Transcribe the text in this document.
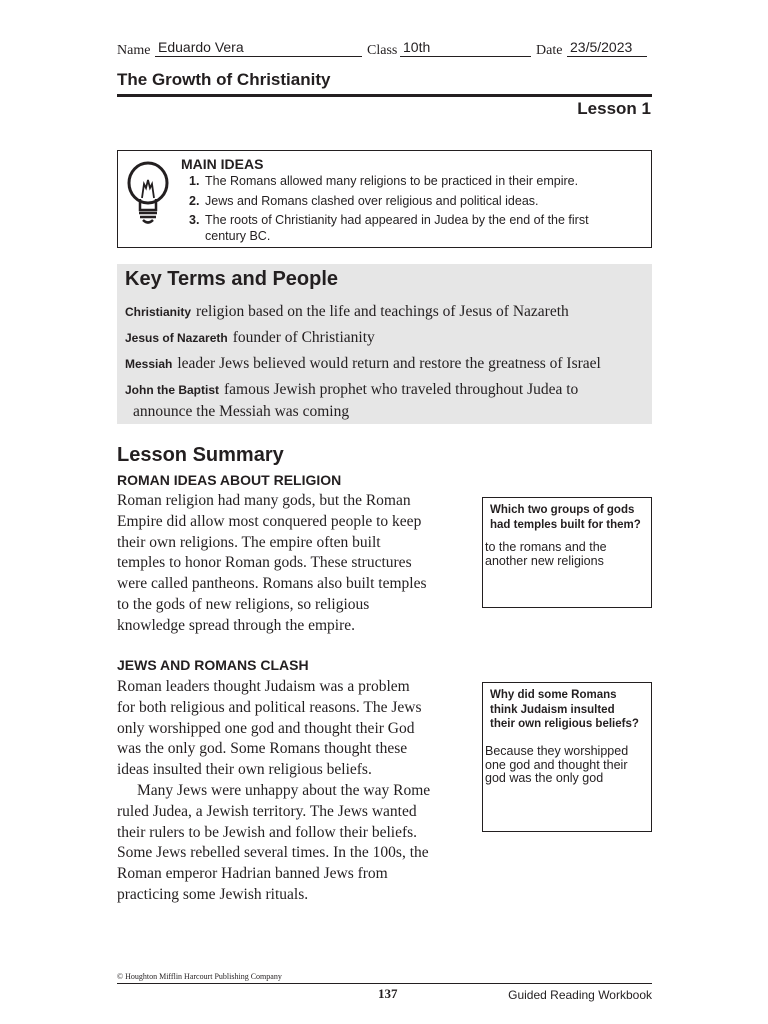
Name Eduardo Vera	Class 10th	Date 23/5/2023
The Growth of Christianity
Lesson 1
MAIN IDEAS
1. The Romans allowed many religions to be practiced in their empire.
2. Jews and Romans clashed over religious and political ideas.
3. The roots of Christianity had appeared in Judea by the end of the first century BC.
Key Terms and People
Christianity religion based on the life and teachings of Jesus of Nazareth
Jesus of Nazareth founder of Christianity
Messiah leader Jews believed would return and restore the greatness of Israel
John the Baptist famous Jewish prophet who traveled throughout Judea to announce the Messiah was coming
Lesson Summary
ROMAN IDEAS ABOUT RELIGION
Roman religion had many gods, but the Roman
Empire did allow most conquered people to keep
their own religions. The empire often built
temples to honor Roman gods. These structures
were called pantheons. Romans also built temples
to the gods of new religions, so religious
knowledge spread through the empire.
JEWS AND ROMANS CLASH
Roman leaders thought Judaism was a problem
for both religious and political reasons. The Jews
only worshipped one god and thought their God
was the only god. Some Romans thought these
ideas insulted their own religious beliefs.
Many Jews were unhappy about the way Rome
ruled Judea, a Jewish territory. The Jews wanted
their rulers to be Jewish and follow their beliefs.
Some Jews rebelled several times. In the 100s, the
Roman emperor Hadrian banned Jews from
practicing some Jewish rituals.
Which two groups of gods
had temples built for them?
to the romans and the
another new religions
Why did some Romans
think Judaism insulted
their own religious beliefs?
Because they worshipped
one god and thought their
god was the only god
© Houghton Mifflin Harcourt Publishing Company
137	Guided Reading Workbook
